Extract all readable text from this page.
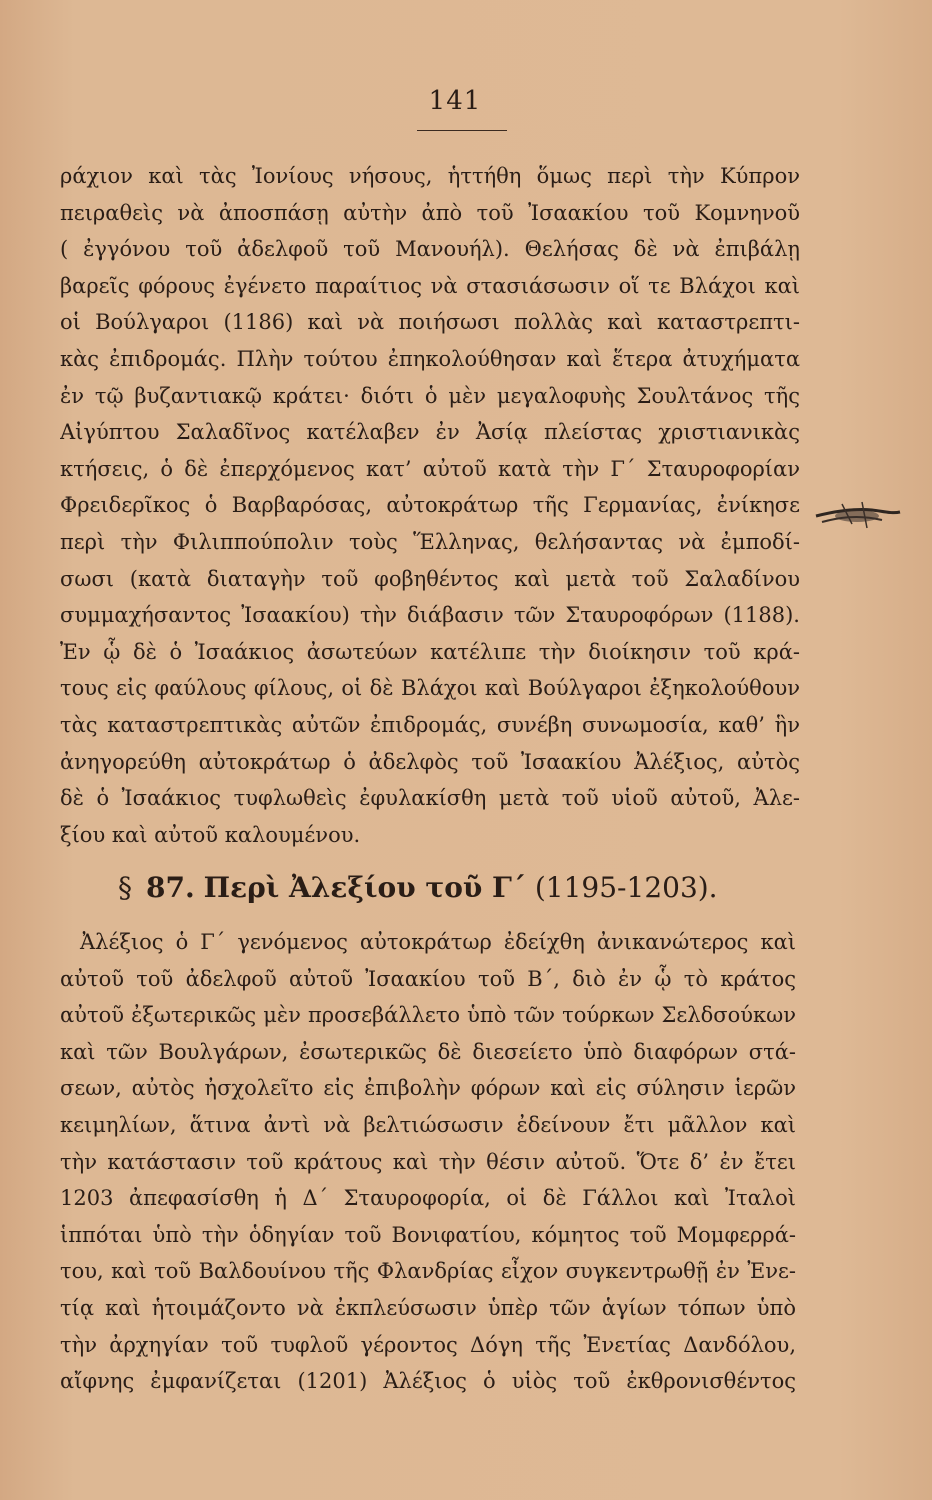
141
ράχιον καὶ τὰς Ἰονίους νήσους, ἡττήθη ὅμως περὶ τὴν Κύπρον
πειραθεὶς νὰ ἀποσπάσῃ αὐτὴν ἀπὸ τοῦ Ἰσαακίου τοῦ Κομνηνοῦ
( ἐγγόνου τοῦ ἀδελφοῦ τοῦ Μανουήλ). Θελήσας δὲ νὰ ἐπιβάλῃ
βαρεῖς φόρους ἐγένετο παραίτιος νὰ στασιάσωσιν οἵ τε Βλάχοι καὶ
οἱ Βούλγαροι (1186) καὶ νὰ ποιήσωσι πολλὰς καὶ καταστρεπτι-
κὰς ἐπιδρομάς. Πλὴν τούτου ἐπηκολούθησαν καὶ ἕτερα ἀτυχήματα
ἐν τῷ βυζαντιακῷ κράτει· διότι ὁ μὲν μεγαλοφυὴς Σουλτάνος τῆς
Αἰγύπτου Σαλαδῖνος κατέλαβεν ἐν Ἀσίᾳ πλείστας χριστιανικὰς
κτήσεις, ὁ δὲ ἐπερχόμενος κατ’ αὐτοῦ κατὰ τὴν Γ΄ Σταυροφορίαν
Φρειδερῖκος ὁ Βαρβαρόσας, αὐτοκράτωρ τῆς Γερμανίας, ἐνίκησε
περὶ τὴν Φιλιππούπολιν τοὺς Ἕλληνας, θελήσαντας νὰ ἐμποδί-
σωσι (κατὰ διαταγὴν τοῦ φοβηθέντος καὶ μετὰ τοῦ Σαλαδίνου
συμμαχήσαντος Ἰσαακίου) τὴν διάβασιν τῶν Σταυροφόρων (1188).
Ἐν ᾧ δὲ ὁ Ἰσαάκιος ἀσωτεύων κατέλιπε τὴν διοίκησιν τοῦ κρά-
τους εἰς φαύλους φίλους, οἱ δὲ Βλάχοι καὶ Βούλγαροι ἐξηκολούθουν
τὰς καταστρεπτικὰς αὐτῶν ἐπιδρομάς, συνέβη συνωμοσία, καθ’ ἣν
ἀνηγορεύθη αὐτοκράτωρ ὁ ἀδελφὸς τοῦ Ἰσαακίου Ἀλέξιος, αὐτὸς
δὲ ὁ Ἰσαάκιος τυφλωθεὶς ἐφυλακίσθη μετὰ τοῦ υἱοῦ αὐτοῦ, Ἀλε-
ξίου καὶ αὐτοῦ καλουμένου.
§ 87. Περὶ Ἀλεξίου τοῦ Γ΄ (1195-1203).
Ἀλέξιος ὁ Γ΄ γενόμενος αὐτοκράτωρ ἐδείχθη ἀνικανώτερος καὶ
αὐτοῦ τοῦ ἀδελφοῦ αὐτοῦ Ἰσαακίου τοῦ Β΄, διὸ ἐν ᾧ τὸ κράτος
αὐτοῦ ἐξωτερικῶς μὲν προσεβάλλετο ὑπὸ τῶν τούρκων Σελδσούκων
καὶ τῶν Βουλγάρων, ἐσωτερικῶς δὲ διεσείετο ὑπὸ διαφόρων στά-
σεων, αὐτὸς ἠσχολεῖτο εἰς ἐπιβολὴν φόρων καὶ εἰς σύλησιν ἱερῶν
κειμηλίων, ἅτινα ἀντὶ νὰ βελτιώσωσιν ἐδείνουν ἔτι μᾶλλον καὶ
τὴν κατάστασιν τοῦ κράτους καὶ τὴν θέσιν αὐτοῦ. Ὅτε δ’ ἐν ἔτει
1203 ἀπεφασίσθη ἡ Δ΄ Σταυροφορία, οἱ δὲ Γάλλοι καὶ Ἰταλοὶ
ἱππόται ὑπὸ τὴν ὁδηγίαν τοῦ Βονιφατίου, κόμητος τοῦ Μομφερρά-
του, καὶ τοῦ Βαλδουίνου τῆς Φλανδρίας εἶχον συγκεντρωθῇ ἐν Ἐνε-
τίᾳ καὶ ἡτοιμάζοντο νὰ ἐκπλεύσωσιν ὑπὲρ τῶν ἁγίων τόπων ὑπὸ
τὴν ἀρχηγίαν τοῦ τυφλοῦ γέροντος Δόγη τῆς Ἐνετίας Δανδόλου,
αἴφνης ἐμφανίζεται (1201) Ἀλέξιος ὁ υἱὸς τοῦ ἐκθρονισθέντος
